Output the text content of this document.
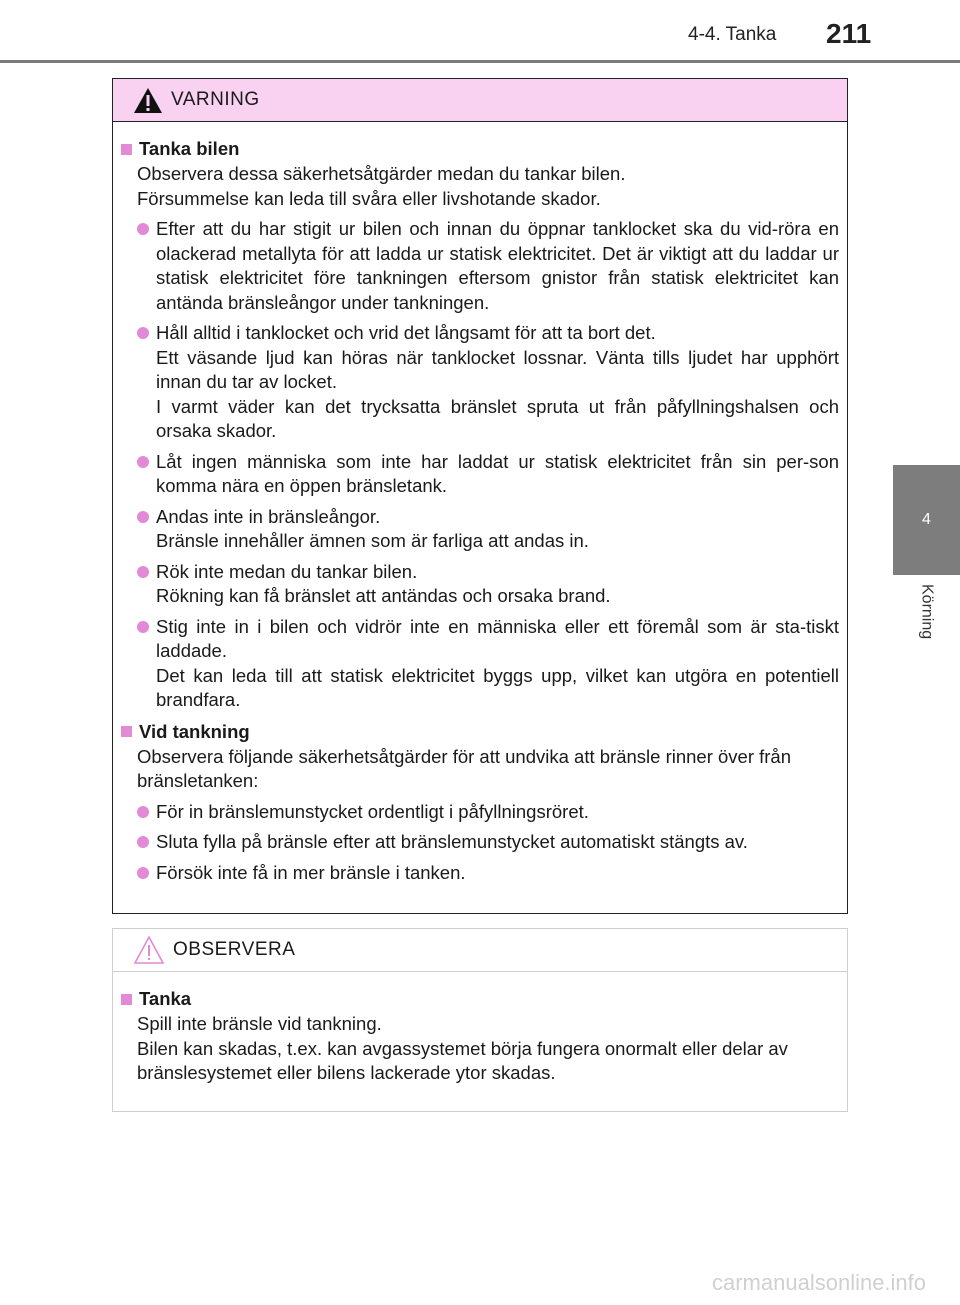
4-4. Tanka 211
4
Körning
VARNING
Tanka bilen

Observera dessa säkerhetsåtgärder medan du tankar bilen.

Försummelse kan leda till svåra eller livshotande skador.

Efter att du har stigit ur bilen och innan du öppnar tanklocket ska du vid-röra en olackerad metallyta för att ladda ur statisk elektricitet. Det är viktigt att du laddar ur statisk elektricitet före tankningen eftersom gnistor från statisk elektricitet kan antända bränsleångor under tankningen.

Håll alltid i tanklocket och vrid det långsamt för att ta bort det.

Ett väsande ljud kan höras när tanklocket lossnar. Vänta tills ljudet har upphört innan du tar av locket.

I varmt väder kan det trycksatta bränslet spruta ut från påfyllningshalsen och orsaka skador.

Låt ingen människa som inte har laddat ur statisk elektricitet från sin per-son komma nära en öppen bränsletank.

Andas inte in bränsleångor.

Bränsle innehåller ämnen som är farliga att andas in.

Rök inte medan du tankar bilen.

Rökning kan få bränslet att antändas och orsaka brand.

Stig inte in i bilen och vidrör inte en människa eller ett föremål som är sta-tiskt laddade.

Det kan leda till att statisk elektricitet byggs upp, vilket kan utgöra en potentiell brandfara.

Vid tankning

Observera följande säkerhetsåtgärder för att undvika att bränsle rinner över från bränsletanken:

För in bränslemunstycket ordentligt i påfyllningsröret.

Sluta fylla på bränsle efter att bränslemunstycket automatiskt stängts av.

Försök inte få in mer bränsle i tanken.

OBSERVERA
Tanka

Spill inte bränsle vid tankning.

Bilen kan skadas, t.ex. kan avgassystemet börja fungera onormalt eller delar av bränslesystemet eller bilens lackerade ytor skadas.

carmanualsonline.info
